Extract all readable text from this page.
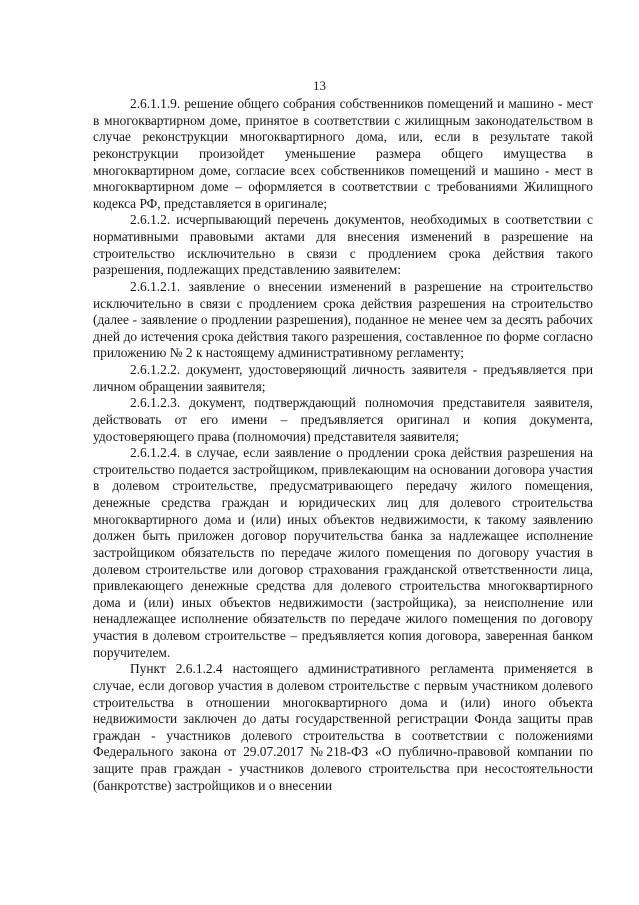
13

2.6.1.1.9. решение общего собрания собственников помещений и машино - мест в многоквартирном доме, принятое в соответствии с жилищным законодательством в случае реконструкции многоквартирного дома, или, если в результате такой реконструкции произойдет уменьшение размера общего имущества в многоквартирном доме, согласие всех собственников помещений и машино - мест в многоквартирном доме – оформляется в соответствии с требованиями Жилищного кодекса РФ, представляется в оригинале;

2.6.1.2. исчерпывающий перечень документов, необходимых в соответствии с нормативными правовыми актами для внесения изменений в разрешение на строительство исключительно в связи с продлением срока действия такого разрешения, подлежащих представлению заявителем:

2.6.1.2.1. заявление о внесении изменений в разрешение на строительство исключительно в связи с продлением срока действия разрешения на строительство (далее - заявление о продлении разрешения), поданное не менее чем за десять рабочих дней до истечения срока действия такого разрешения, составленное по форме согласно приложению № 2 к настоящему административному регламенту;

2.6.1.2.2. документ, удостоверяющий личность заявителя - предъявляется при личном обращении заявителя;

2.6.1.2.3. документ, подтверждающий полномочия представителя заявителя, действовать от его имени – предъявляется оригинал и копия документа, удостоверяющего права (полномочия) представителя заявителя;

2.6.1.2.4. в случае, если заявление о продлении срока действия разрешения на строительство подается застройщиком, привлекающим на основании договора участия в долевом строительстве, предусматривающего передачу жилого помещения, денежные средства граждан и юридических лиц для долевого строительства многоквартирного дома и (или) иных объектов недвижимости, к такому заявлению должен быть приложен договор поручительства банка за надлежащее исполнение застройщиком обязательств по передаче жилого помещения по договору участия в долевом строительстве или договор страхования гражданской ответственности лица, привлекающего денежные средства для долевого строительства многоквартирного дома и (или) иных объектов недвижимости (застройщика), за неисполнение или ненадлежащее исполнение обязательств по передаче жилого помещения по договору участия в долевом строительстве – предъявляется копия договора, заверенная банком поручителем.

Пункт 2.6.1.2.4 настоящего административного регламента применяется в случае, если договор участия в долевом строительстве с первым участником долевого строительства в отношении многоквартирного дома и (или) иного объекта недвижимости заключен до даты государственной регистрации Фонда защиты прав граждан - участников долевого строительства в соответствии с положениями Федерального закона от 29.07.2017 №218-ФЗ «О публично-правовой компании по защите прав граждан - участников долевого строительства при несостоятельности (банкротстве) застройщиков и о внесении
